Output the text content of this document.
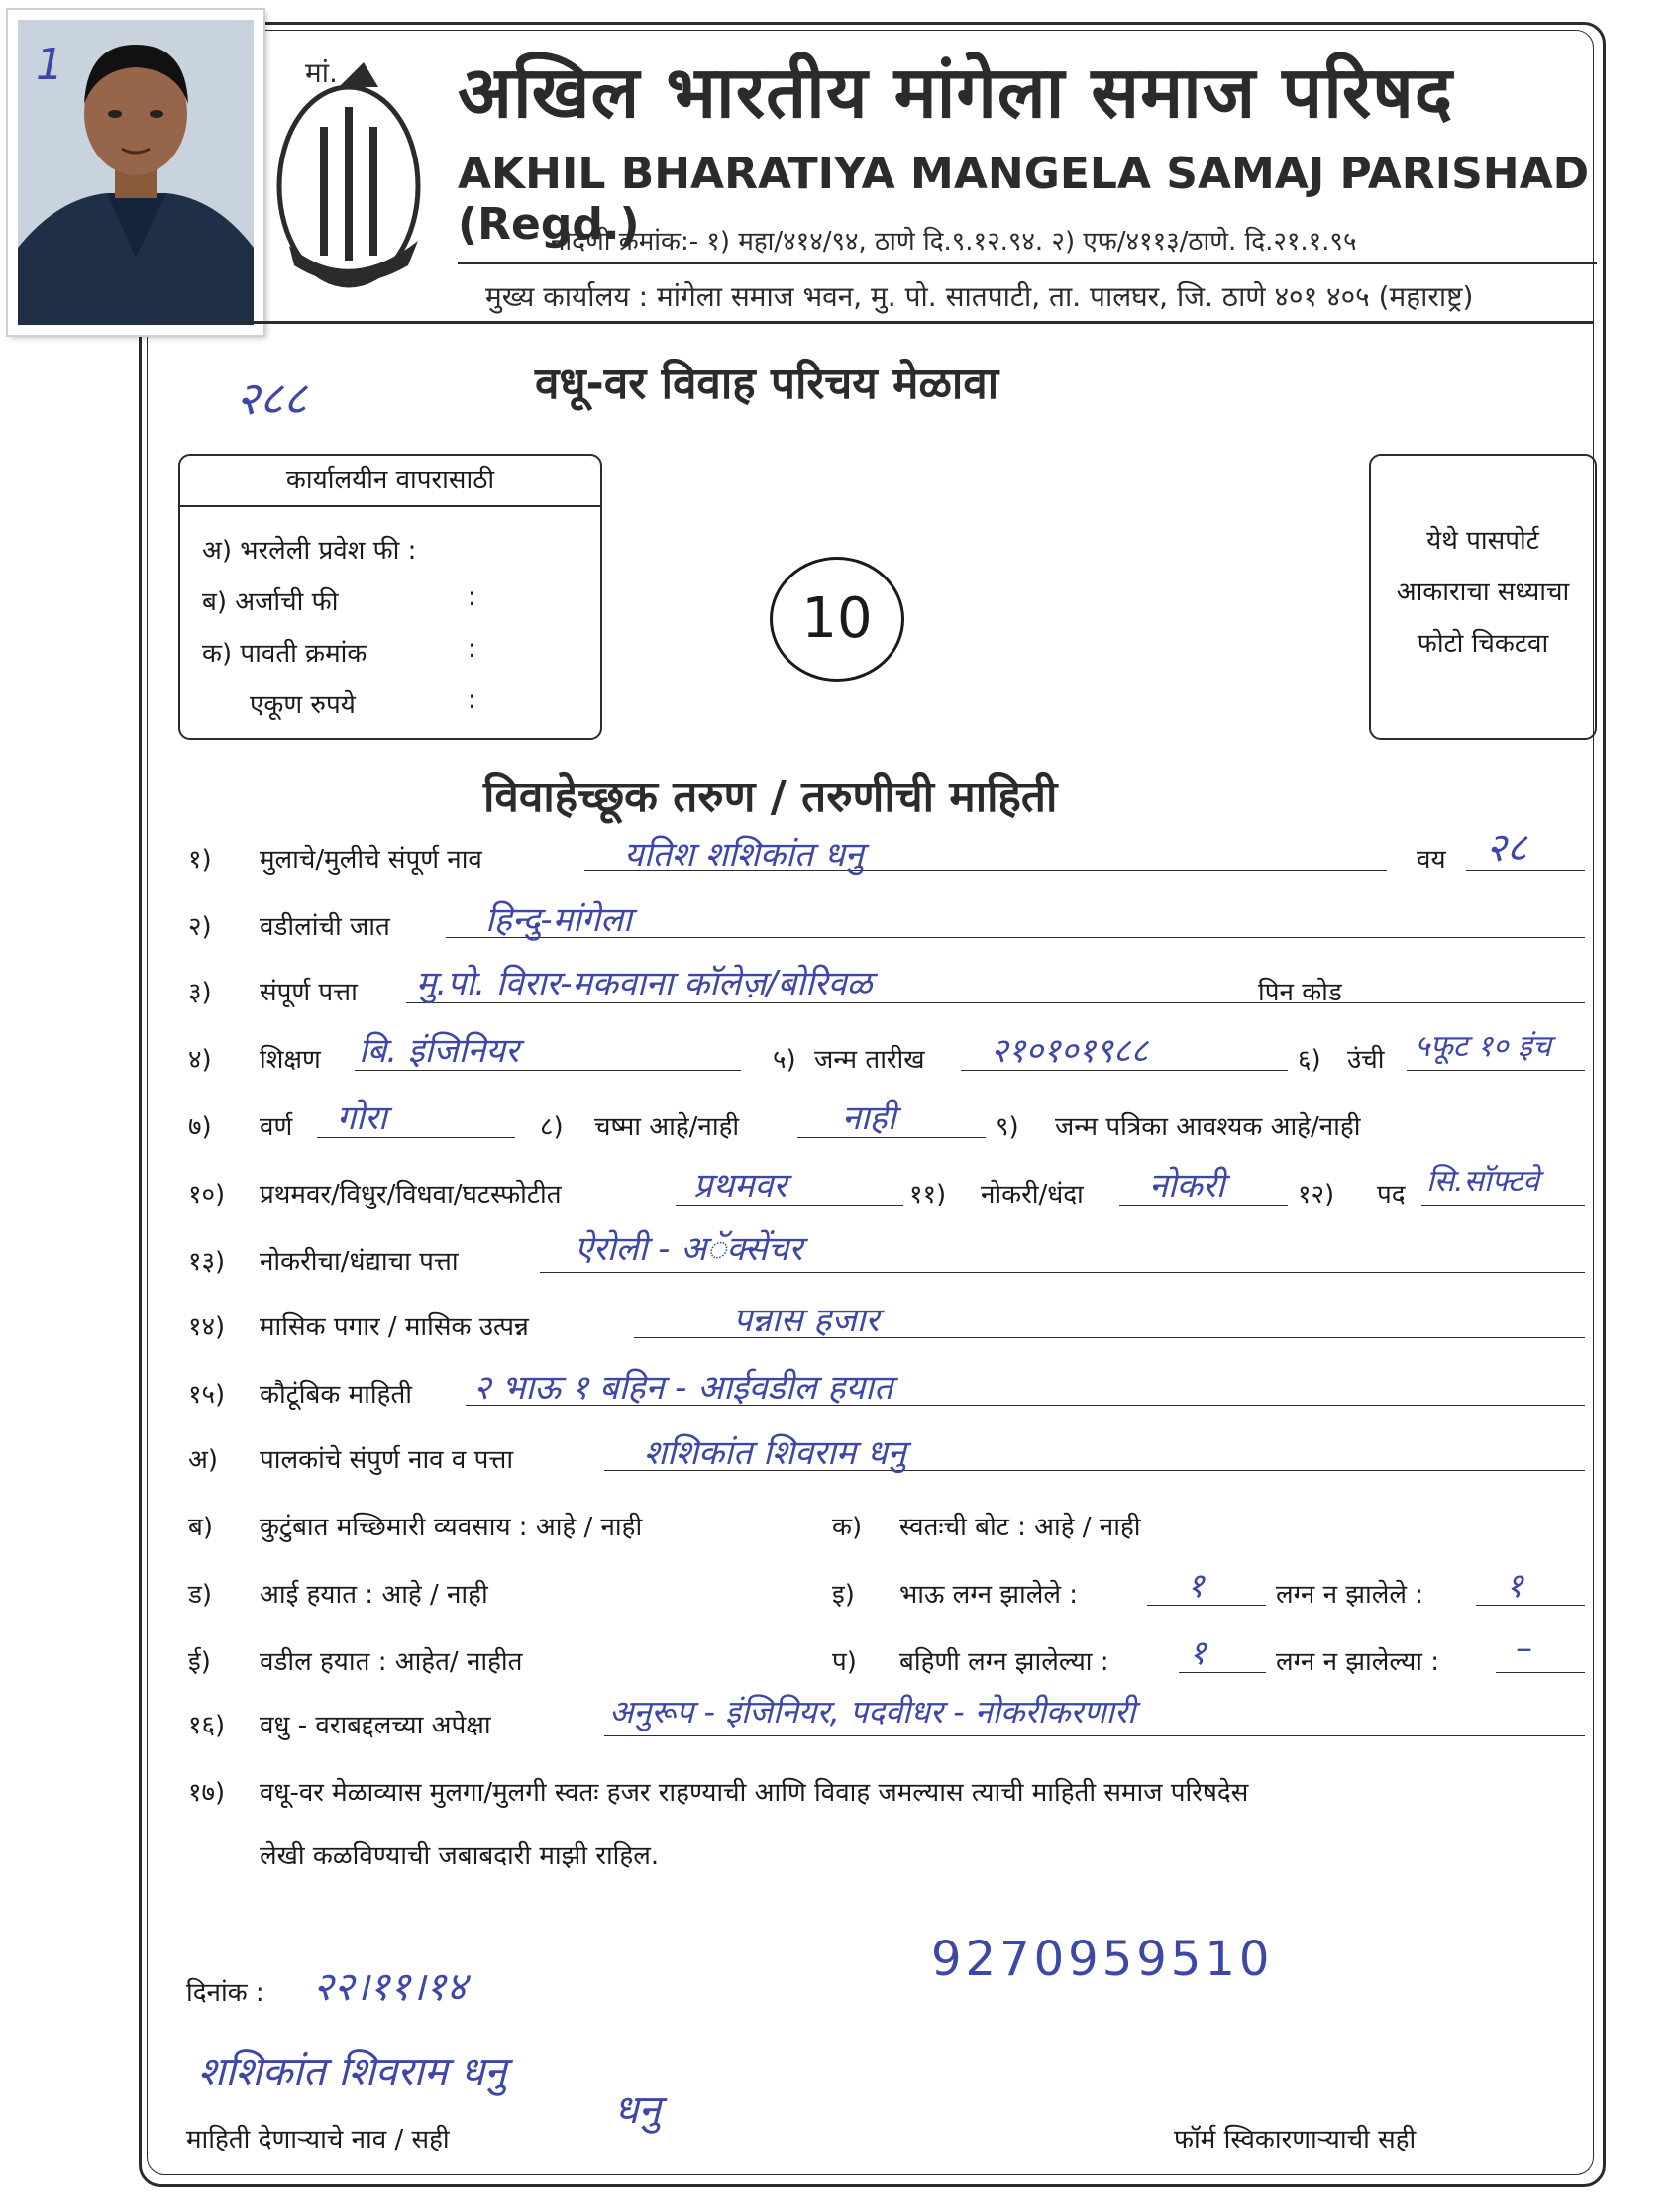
1	मां. अखिल भारतीय मांगेला समाज परिषद
AKHIL BHARATIYA MANGELA SAMAJ PARISHAD (Regd.)
नोदणी क्रमांक:- १) महा/४१४/९४, ठाणे दि.९.१२.९४. २) एफ/४११३/ठाणे. दि.२१.१.९५
मुख्य कार्यालय : मांगेला समाज भवन, मु. पो. सातपाटी, ता. पालघर, जि. ठाणे ४०१ ४०५ (महाराष्ट्र)
२८८	वधू-वर विवाह परिचय मेळावा
कार्यालयीन वापरासाठी
अ) भरलेली प्रवेश फी :
ब) अर्जाची फी	:
क) पावती क्रमांक	:
एकूण रुपये	:
10
येथे पासपोर्ट
आकाराचा सध्याचा
फोटो चिकटवा
विवाहेच्छूक तरुण / तरुणीची माहिती
१) मुलाचे/मुलीचे संपूर्ण नाव	यतिश शशिकांत धनु	वय २८
२) वडीलांची जात	हिन्दु-मांगेला
३) संपूर्ण पत्ता मु.पो. विरार-मकवाना कॉलेज़/बोरिवळ	पिन कोड
४) शिक्षण बि. इंजिनियर	५) जन्म तारीख २१०१०१९८८	६) उंची ५फूट १० इंच
७) वर्ण गोरा	८) चष्मा आहे/नाही	नाही	९) जन्म पत्रिका आवश्यक आहे/नाही
१०) प्रथमवर/विधुर/विधवा/घटस्फोटीत	प्रथमवर	११) नोकरी/धंदा नोकरी	१२) पद सि.सॉफ्टवे
१३) नोकरीचा/धंद्याचा पत्ता	ऐरोली - अॅक्सेंचर
१४) मासिक पगार / मासिक उत्पन्न	पन्नास हजार
१५) कौटूंबिक माहिती २ भाऊ १ बहिन - आईवडील हयात
अ) पालकांचे संपुर्ण नाव व पत्ता	शशिकांत शिवराम धनु
ब) कुटुंबात मच्छिमारी व्यवसाय : आहे / नाही	क) स्वतःची बोट : आहे / नाही
ड) आई हयात : आहे / नाही	इ) भाऊ लग्न झालेले :	१	लग्न न झालेले : १
ई) वडील हयात : आहेत/ नाहीत	प) बहिणी लग्न झालेल्या : १	लग्न न झालेल्या : –
१६) वधु - वराबद्दलच्या अपेक्षा	अनुरूप - इंजिनियर, पदवीधर - नोकरीकरणारी
१७) वधू-वर मेळाव्यास मुलगा/मुलगी स्वतः हजर राहण्याची आणि विवाह जमल्यास त्याची माहिती समाज परिषदेस
लेखी कळविण्याची जबाबदारी माझी राहिल.
9270959510
दिनांक : २२।११।१४
शशिकांत शिवराम धनु
धनु
माहिती देणाऱ्याचे नाव / सही	फॉर्म स्विकारणाऱ्याची सही
